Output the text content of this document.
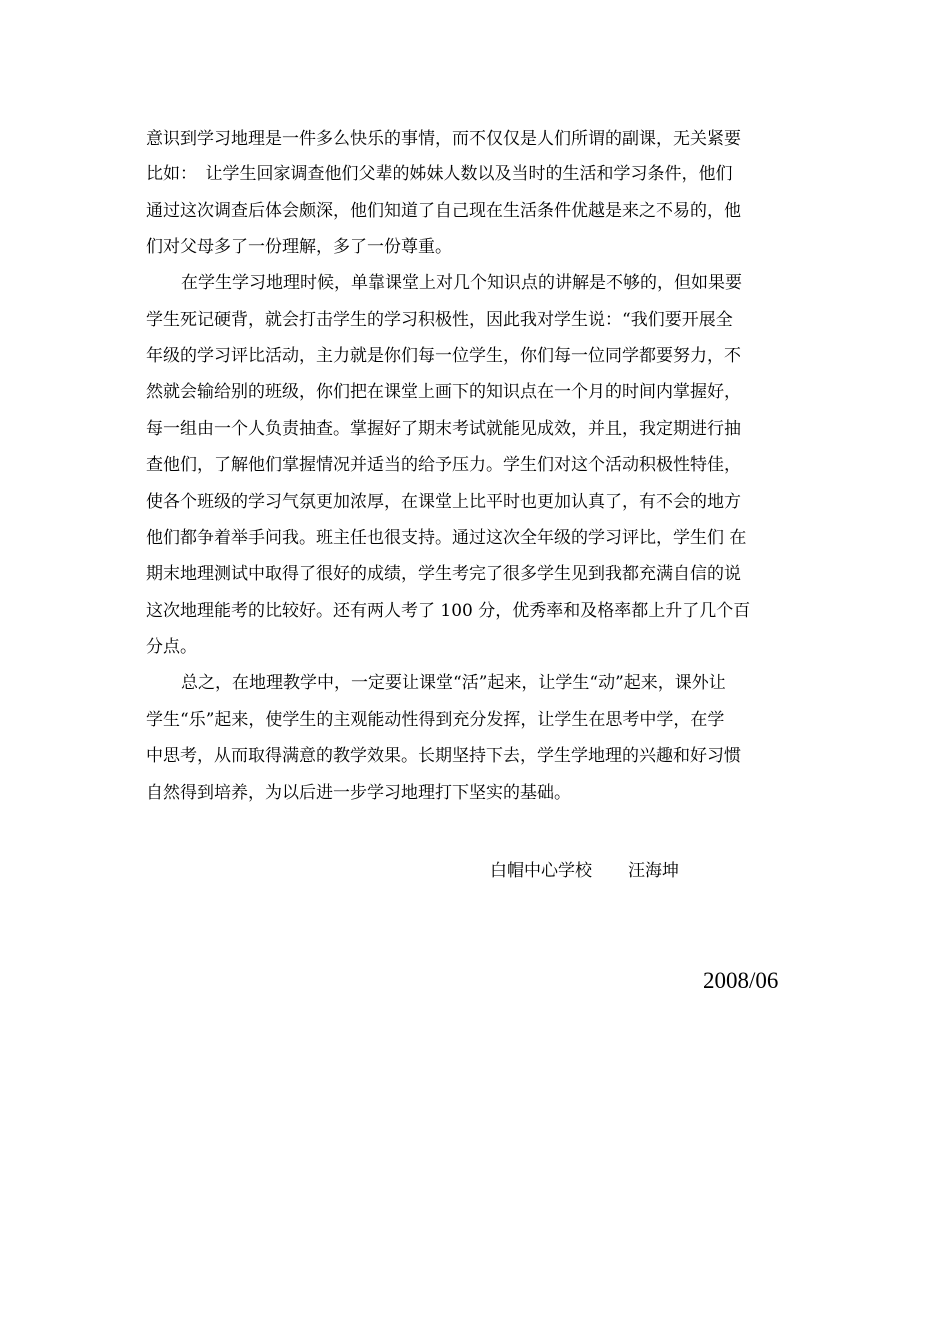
意识到学习地理是一件多么快乐的事情，而不仅仅是人们所谓的副课，无关紧要
比如：　让学生回家调查他们父辈的姊妹人数以及当时的生活和学习条件，他们
通过这次调查后体会颇深，他们知道了自己现在生活条件优越是来之不易的，他
们对父母多了一份理解，多了一份尊重。
在学生学习地理时候，单靠课堂上对几个知识点的讲解是不够的，但如果要
学生死记硬背，就会打击学生的学习积极性，因此我对学生说：“我们要开展全
年级的学习评比活动，主力就是你们每一位学生，你们每一位同学都要努力，不
然就会输给别的班级，你们把在课堂上画下的知识点在一个月的时间内掌握好，
每一组由一个人负责抽查。掌握好了期末考试就能见成效，并且，我定期进行抽
查他们，了解他们掌握情况并适当的给予压力。学生们对这个活动积极性特佳，
使各个班级的学习气氛更加浓厚，在课堂上比平时也更加认真了，有不会的地方
他们都争着举手问我。班主任也很支持。通过这次全年级的学习评比，学生们 在
期末地理测试中取得了很好的成绩，学生考完了很多学生见到我都充满自信的说
这次地理能考的比较好。还有两人考了 100 分，优秀率和及格率都上升了几个百
分点。
总之，在地理教学中，一定要让课堂“活”起来，让学生“动”起来，课外让
学生“乐”起来，使学生的主观能动性得到充分发挥，让学生在思考中学，在学
中思考，从而取得满意的教学效果。长期坚持下去，学生学地理的兴趣和好习惯
自然得到培养，为以后进一步学习地理打下坚实的基础。
白帽中心学校 汪海坤
2008/06
